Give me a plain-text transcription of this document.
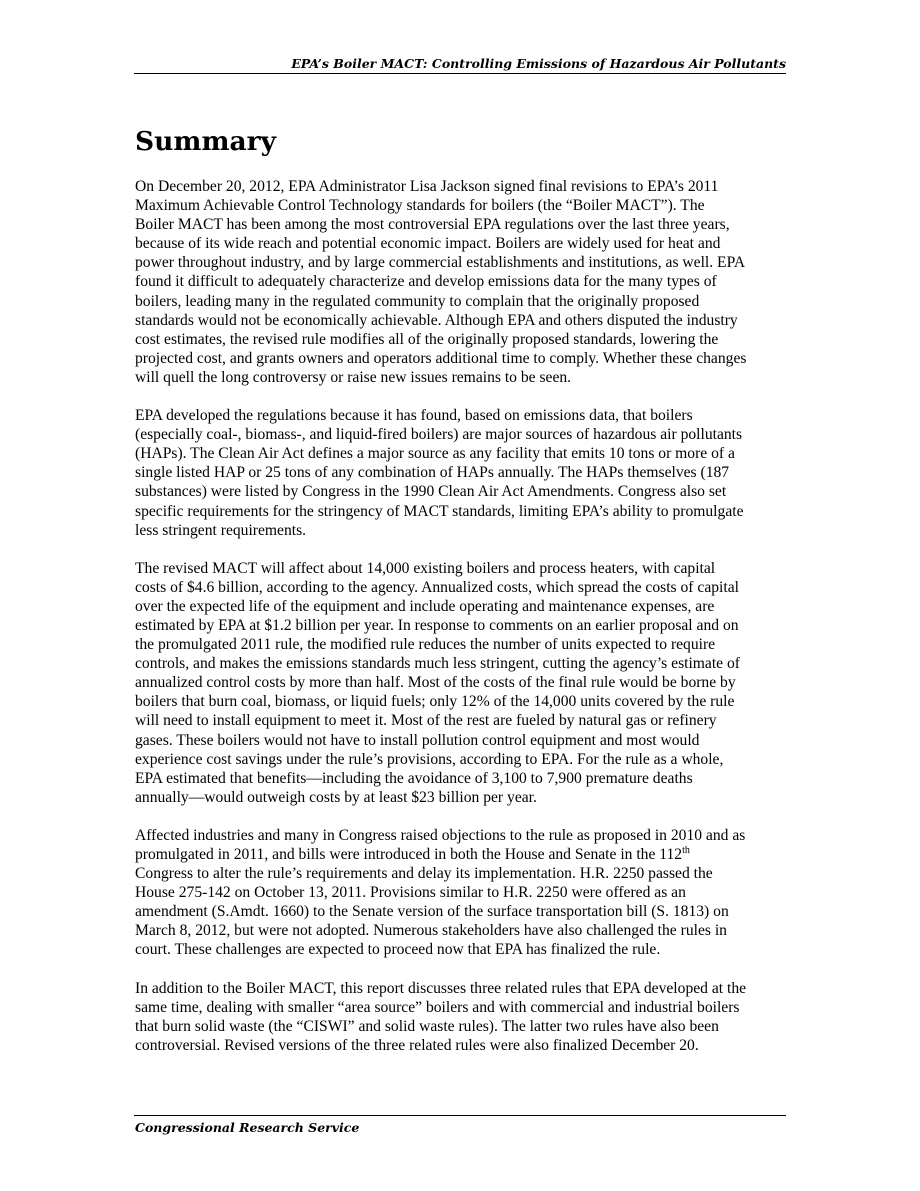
EPA’s Boiler MACT: Controlling Emissions of Hazardous Air Pollutants
Summary

On December 20, 2012, EPA Administrator Lisa Jackson signed final revisions to EPA’s 2011
Maximum Achievable Control Technology standards for boilers (the “Boiler MACT”). The
Boiler MACT has been among the most controversial EPA regulations over the last three years,
because of its wide reach and potential economic impact. Boilers are widely used for heat and
power throughout industry, and by large commercial establishments and institutions, as well. EPA
found it difficult to adequately characterize and develop emissions data for the many types of
boilers, leading many in the regulated community to complain that the originally proposed
standards would not be economically achievable. Although EPA and others disputed the industry
cost estimates, the revised rule modifies all of the originally proposed standards, lowering the
projected cost, and grants owners and operators additional time to comply. Whether these changes
will quell the long controversy or raise new issues remains to be seen.

EPA developed the regulations because it has found, based on emissions data, that boilers
(especially coal-, biomass-, and liquid-fired boilers) are major sources of hazardous air pollutants
(HAPs). The Clean Air Act defines a major source as any facility that emits 10 tons or more of a
single listed HAP or 25 tons of any combination of HAPs annually. The HAPs themselves (187
substances) were listed by Congress in the 1990 Clean Air Act Amendments. Congress also set
specific requirements for the stringency of MACT standards, limiting EPA’s ability to promulgate
less stringent requirements.

The revised MACT will affect about 14,000 existing boilers and process heaters, with capital
costs of $4.6 billion, according to the agency. Annualized costs, which spread the costs of capital
over the expected life of the equipment and include operating and maintenance expenses, are
estimated by EPA at $1.2 billion per year. In response to comments on an earlier proposal and on
the promulgated 2011 rule, the modified rule reduces the number of units expected to require
controls, and makes the emissions standards much less stringent, cutting the agency’s estimate of
annualized control costs by more than half. Most of the costs of the final rule would be borne by
boilers that burn coal, biomass, or liquid fuels; only 12% of the 14,000 units covered by the rule
will need to install equipment to meet it. Most of the rest are fueled by natural gas or refinery
gases. These boilers would not have to install pollution control equipment and most would
experience cost savings under the rule’s provisions, according to EPA. For the rule as a whole,
EPA estimated that benefits—including the avoidance of 3,100 to 7,900 premature deaths
annually—would outweigh costs by at least $23 billion per year.

Affected industries and many in Congress raised objections to the rule as proposed in 2010 and as
promulgated in 2011, and bills were introduced in both the House and Senate in the 112th
Congress to alter the rule’s requirements and delay its implementation. H.R. 2250 passed the
House 275-142 on October 13, 2011. Provisions similar to H.R. 2250 were offered as an
amendment (S.Amdt. 1660) to the Senate version of the surface transportation bill (S. 1813) on
March 8, 2012, but were not adopted. Numerous stakeholders have also challenged the rules in
court. These challenges are expected to proceed now that EPA has finalized the rule.

In addition to the Boiler MACT, this report discusses three related rules that EPA developed at the
same time, dealing with smaller “area source” boilers and with commercial and industrial boilers
that burn solid waste (the “CISWI” and solid waste rules). The latter two rules have also been
controversial. Revised versions of the three related rules were also finalized December 20.

Congressional Research Service
